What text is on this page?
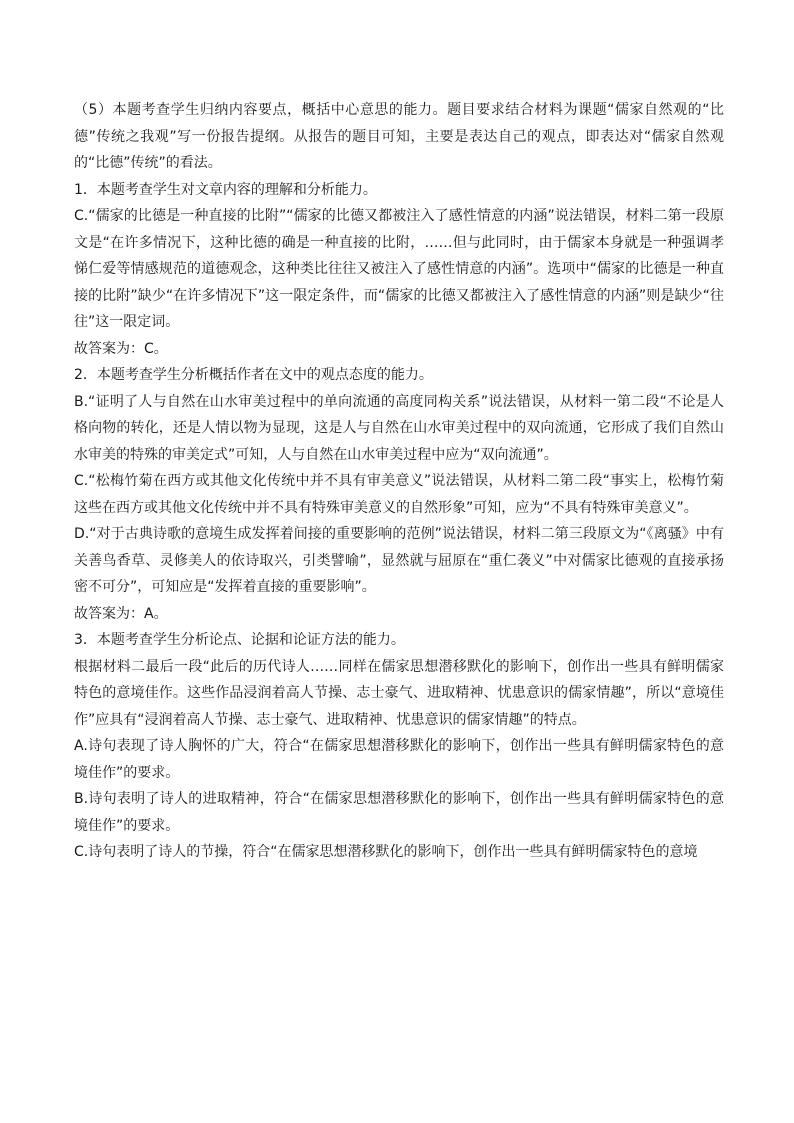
（5）本题考查学生归纳内容要点，概括中心意思的能力。题目要求结合材料为课题“儒家自然观的“比德”传统之我观”写一份报告提纲。从报告的题目可知，主要是表达自己的观点，即表达对“儒家自然观的“比德”传统”的看法。

1．本题考查学生对文章内容的理解和分析能力。

C.“儒家的比德是一种直接的比附”“儒家的比德又都被注入了感性情意的内涵”说法错误，材料二第一段原文是“在许多情况下，这种比德的确是一种直接的比附，……但与此同时，由于儒家本身就是一种强调孝悌仁爱等情感规范的道德观念，这种类比往往又被注入了感性情意的内涵”。选项中“儒家的比德是一种直接的比附”缺少“在许多情况下”这一限定条件，而“儒家的比德又都被注入了感性情意的内涵”则是缺少“往往”这一限定词。

故答案为：C。

2．本题考查学生分析概括作者在文中的观点态度的能力。

B.“证明了人与自然在山水审美过程中的单向流通的高度同构关系”说法错误，从材料一第二段“不论是人格向物的转化，还是人情以物为显现，这是人与自然在山水审美过程中的双向流通，它形成了我们自然山水审美的特殊的审美定式”可知，人与自然在山水审美过程中应为“双向流通”。

C.“松梅竹菊在西方或其他文化传统中并不具有审美意义”说法错误，从材料二第二段“事实上，松梅竹菊这些在西方或其他文化传统中并不具有特殊审美意义的自然形象”可知，应为“不具有特殊审美意义”。

D.“对于古典诗歌的意境生成发挥着间接的重要影响的范例”说法错误，材料二第三段原文为“《离骚》中有关善鸟香草、灵修美人的依诗取兴，引类譬喻”，显然就与屈原在“重仁袭义”中对儒家比德观的直接承扬密不可分”，可知应是“发挥着直接的重要影响”。

故答案为：A。

3．本题考查学生分析论点、论据和论证方法的能力。

根据材料二最后一段“此后的历代诗人……同样在儒家思想潜移默化的影响下，创作出一些具有鲜明儒家特色的意境佳作。这些作品浸润着高人节操、志士豪气、进取精神、忧患意识的儒家情趣”，所以“意境佳作”应具有“浸润着高人节操、志士豪气、进取精神、忧患意识的儒家情趣”的特点。

A.诗句表现了诗人胸怀的广大，符合“在儒家思想潜移默化的影响下，创作出一些具有鲜明儒家特色的意境佳作”的要求。

B.诗句表明了诗人的进取精神，符合“在儒家思想潜移默化的影响下，创作出一些具有鲜明儒家特色的意境佳作”的要求。

C.诗句表明了诗人的节操，符合“在儒家思想潜移默化的影响下，创作出一些具有鲜明儒家特色的意境
